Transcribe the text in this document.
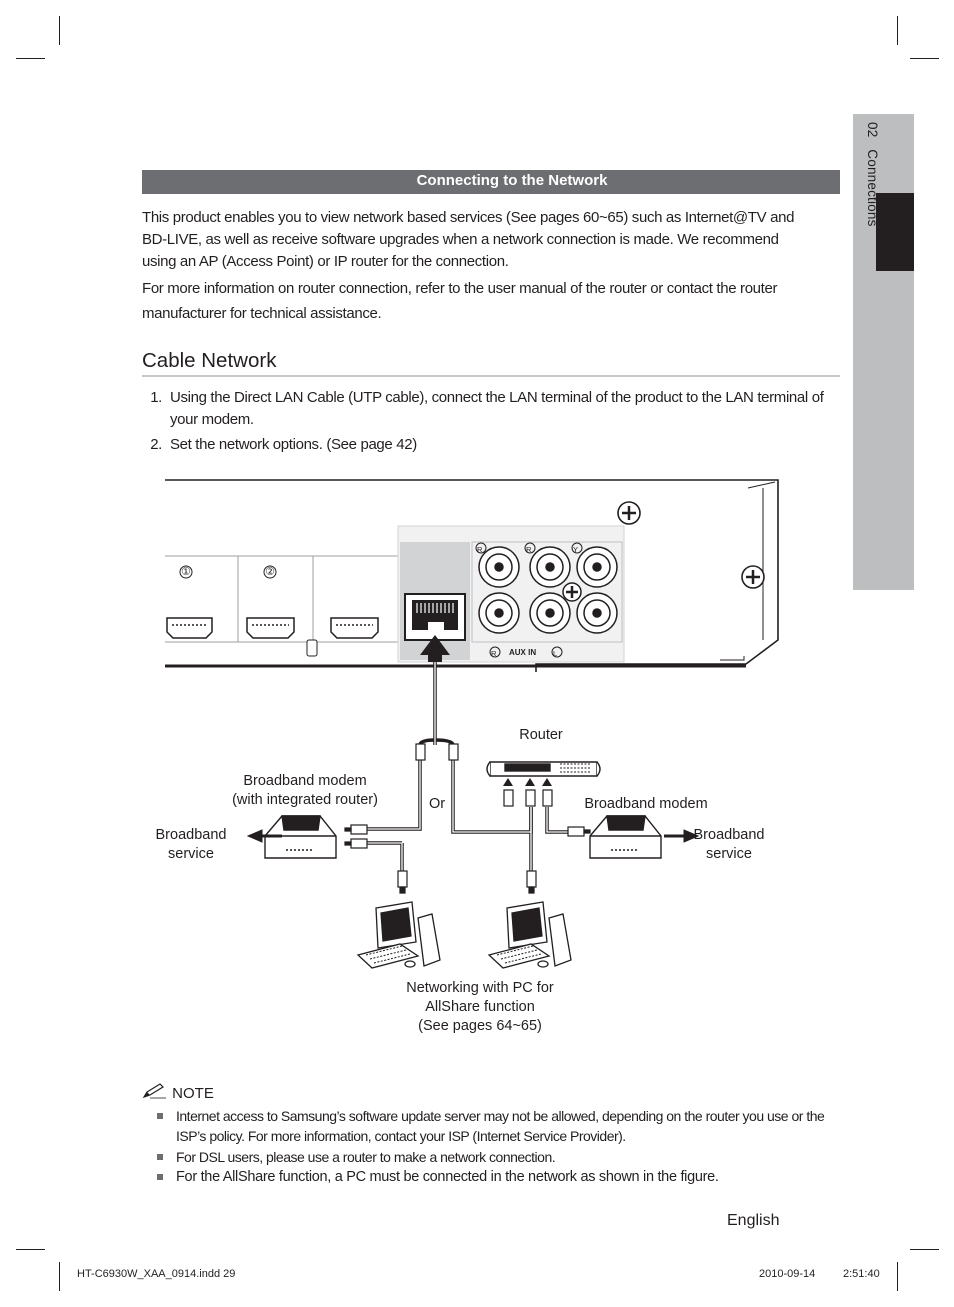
02   Connections
Connecting to the Network
This product enables you to view network based services (See pages 60~65) such as Internet@TV and
BD-LIVE, as well as receive software upgrades when a network connection is made. We recommend
using an AP (Access Point) or IP router for the connection.
For more information on router connection, refer to the user manual of the router or contact the router
manufacturer for technical assistance.
Cable Network
1. Using the Direct LAN Cable (UTP cable), connect the LAN terminal of the product to the LAN terminal of your modem.
2. Set the network options. (See page 42)
①	②
R	R	Y
R AUX IN L
Router
Broadband modem
(with integrated router)	Or	Broadband modem
Broadband
service
Broadband
service
Networking with PC for
AllShare function
(See pages 64~65)
NOTE
Internet access to Samsung’s software update server may not be allowed, depending on the router you use or the ISP’s policy. For more information, contact your ISP (Internet Service Provider).
For DSL users, please use a router to make a network connection.
For the AllShare function, a PC must be connected in the network as shown in the figure.
English
HT-C6930W_XAA_0914.indd 29	2010-09-14	2:51:40
